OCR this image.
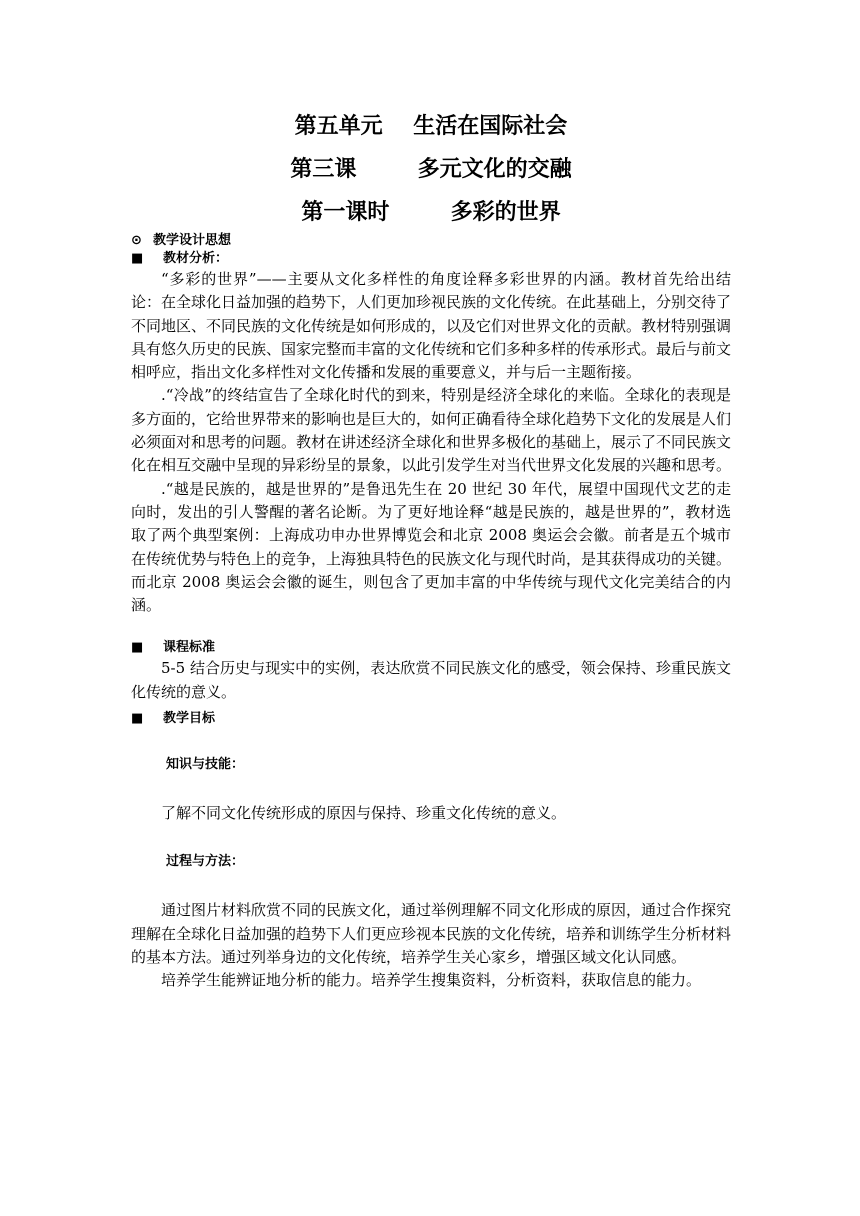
第五单元    生活在国际社会
第三课        多元文化的交融
第一课时        多彩的世界
⊙ 教学设计思想
■ 教材分析：

“多彩的世界”——主要从文化多样性的角度诠释多彩世界的内涵。教材首先给出结论：在全球化日益加强的趋势下，人们更加珍视民族的文化传统。在此基础上，分别交待了不同地区、不同民族的文化传统是如何形成的，以及它们对世界文化的贡献。教材特别强调具有悠久历史的民族、国家完整而丰富的文化传统和它们多种多样的传承形式。最后与前文相呼应，指出文化多样性对文化传播和发展的重要意义，并与后一主题衔接。

.“冷战”的终结宣告了全球化时代的到来，特别是经济全球化的来临。全球化的表现是多方面的，它给世界带来的影响也是巨大的，如何正确看待全球化趋势下文化的发展是人们必须面对和思考的问题。教材在讲述经济全球化和世界多极化的基础上，展示了不同民族文化在相互交融中呈现的异彩纷呈的景象，以此引发学生对当代世界文化发展的兴趣和思考。

.“越是民族的，越是世界的”是鲁迅先生在 20 世纪 30 年代，展望中国现代文艺的走向时，发出的引人警醒的著名论断。为了更好地诠释“越是民族的，越是世界的”，教材选取了两个典型案例：上海成功申办世界博览会和北京 2008 奥运会会徽。前者是五个城市在传统优势与特色上的竞争，上海独具特色的民族文化与现代时尚，是其获得成功的关键。而北京 2008 奥运会会徽的诞生，则包含了更加丰富的中华传统与现代文化完美结合的内涵。

■ 课程标准

5-5 结合历史与现实中的实例，表达欣赏不同民族文化的感受，领会保持、珍重民族文化传统的意义。

■ 教学目标
知识与技能：

了解不同文化传统形成的原因与保持、珍重文化传统的意义。

过程与方法：

通过图片材料欣赏不同的民族文化，通过举例理解不同文化形成的原因，通过合作探究理解在全球化日益加强的趋势下人们更应珍视本民族的文化传统，培养和训练学生分析材料的基本方法。通过列举身边的文化传统，培养学生关心家乡，增强区域文化认同感。

培养学生能辨证地分析的能力。培养学生搜集资料，分析资料，获取信息的能力。
